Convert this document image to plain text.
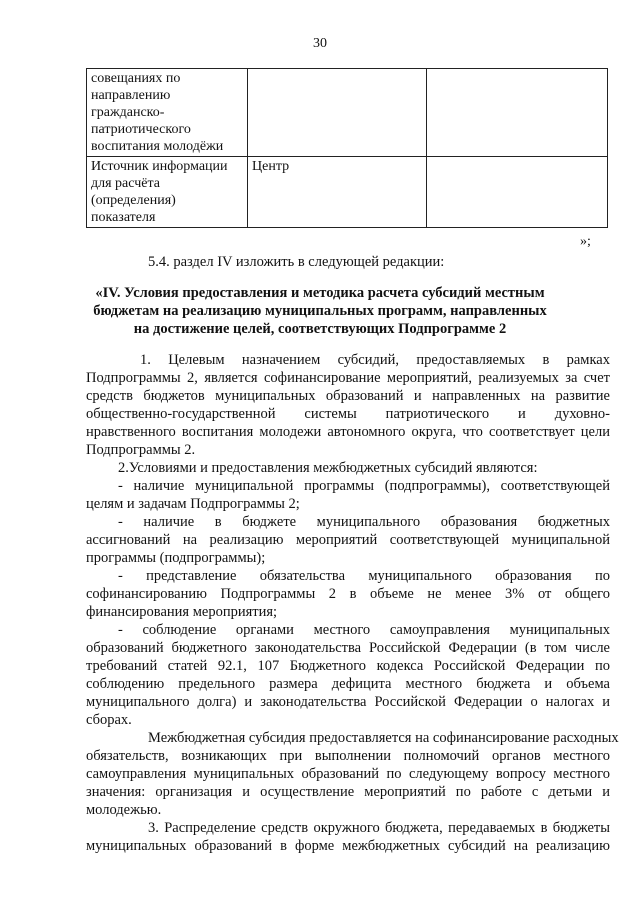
30
совещаниях по
направлению
гражданско-
патриотического
воспитания молодёжи		

Источник информации
для расчёта
(определения)
показателя	Центр	
»;
5.4. раздел IV изложить в следующей редакции:
«IV. Условия предоставления и методика расчета субсидий местным
бюджетам на реализацию муниципальных программ, направленных
на достижение целей, соответствующих Подпрограмме 2
1. Целевым назначением субсидий, предоставляемых в рамках
Подпрограммы 2, является софинансирование мероприятий, реализуемых за счет
средств бюджетов муниципальных образований и направленных на развитие
общественно-государственной системы патриотического и духовно-
нравственного воспитания молодежи автономного округа, что соответствует цели
Подпрограммы 2.
2.Условиями и предоставления межбюджетных субсидий являются:
- наличие муниципальной программы (подпрограммы), соответствующей
целям и задачам Подпрограммы 2;
- наличие в бюджете муниципального образования бюджетных
ассигнований на реализацию мероприятий соответствующей муниципальной
программы (подпрограммы);
- представление обязательства муниципального образования по
софинансированию Подпрограммы 2 в объеме не менее 3% от общего
финансирования мероприятия;
- соблюдение органами местного самоуправления муниципальных
образований бюджетного законодательства Российской Федерации (в том числе
требований статей 92.1, 107 Бюджетного кодекса Российской Федерации по
соблюдению предельного размера дефицита местного бюджета и объема
муниципального долга) и законодательства Российской Федерации о налогах и
сборах.
Межбюджетная субсидия предоставляется на софинансирование расходных
обязательств, возникающих при выполнении полномочий органов местного
самоуправления муниципальных образований по следующему вопросу местного
значения: организация и осуществление мероприятий по работе с детьми и
молодежью.
3. Распределение средств окружного бюджета, передаваемых в бюджеты
муниципальных образований в форме межбюджетных субсидий на реализацию
